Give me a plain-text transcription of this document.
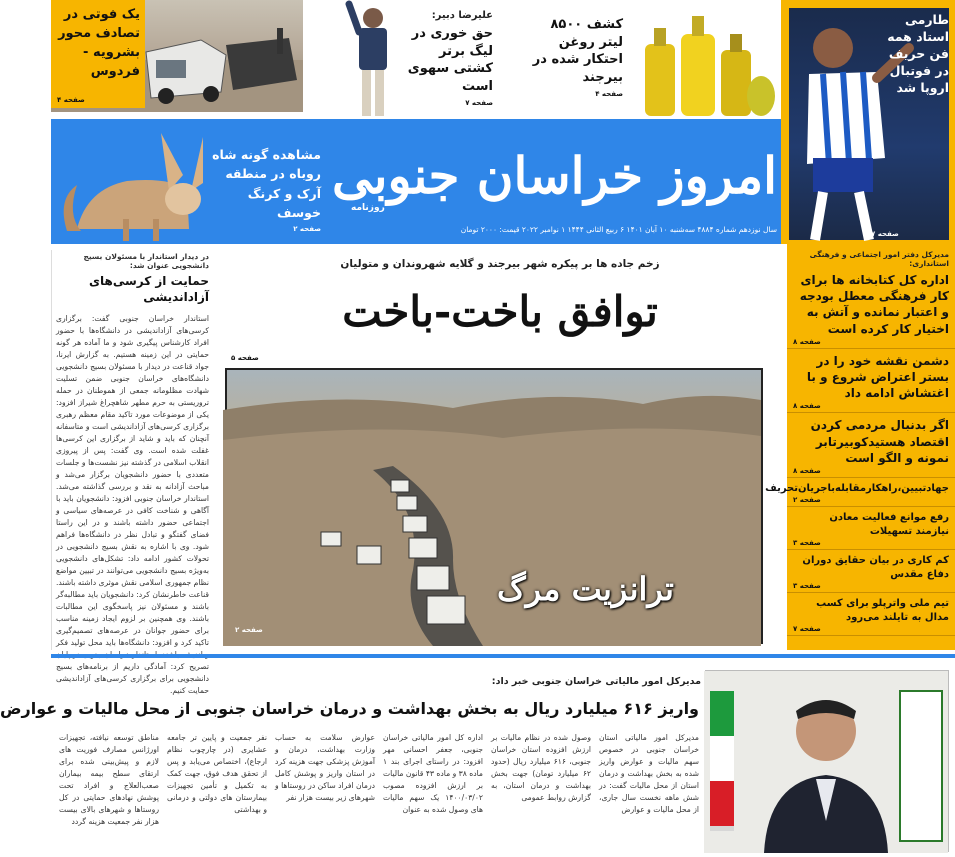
یک فوتی در تصادف محور بشرویه - فردوس
صفحه ۴
علیرضا دبیر:
حق خوری در لیگ برتر کشتی سهوی است
صفحه ۷
کشف ۸۵۰۰ لیتر روغن احتکار شده در بیرجند
صفحه ۴
طارمی استاد همه فن حریف در فوتبال اروپا شد
صفحه ۷
مشاهده گونه شاه روباه در منطقه آرک و کرنگ خوسف
صفحه ۲
امروز خراسان جنوبی
روزنامه
سال نوزدهم شماره ۴۸۸۴ سه‌شنبه ۱۰ آبان ۱۴۰۱ ۶ ربیع الثانی ۱۴۴۴ ۱ نوامبر ۲۰۲۲ قیمت: ۲۰۰۰ تومان
در دیدار استاندار با مسئولان بسیج دانشجویی عنوان شد:
حمایت از کرسی‌های آزاداندیشی
استاندار خراسان جنوبی گفت: برگزاری کرسی‌های آزاداندیشی در دانشگاه‌ها با حضور افراد کارشناس پیگیری شود و ما آماده هر گونه حمایتی در این زمینه هستیم. به گزارش ایرنا، جواد قناعت در دیدار با مسئولان بسیج دانشجویی دانشگاه‌های خراسان جنوبی ضمن تسلیت شهادت مظلومانه جمعی از هموطنان در حمله تروریستی به حرم مطهر شاهچراغ شیراز افزود: یکی از موضوعات مورد تاکید مقام معظم رهبری برگزاری کرسی‌های آزاداندیشی است و متاسفانه آنچنان که باید و شاید از برگزاری این کرسی‌ها غفلت شده است. وی گفت: پس از پیروزی انقلاب اسلامی در گذشته نیز نشست‌ها و جلسات متعددی با حضور دانشجویان برگزار می‌شد و مباحث آزادانه به نقد و بررسی گذاشته می‌شد. استاندار خراسان جنوبی افزود: دانشجویان باید با آگاهی و شناخت کافی در عرصه‌های سیاسی و اجتماعی حضور داشته باشند و در این راستا فضای گفتگو و تبادل نظر در دانشگاه‌ها فراهم شود. وی با اشاره به نقش بسیج دانشجویی در تحولات کشور ادامه داد: تشکل‌های دانشجویی به‌ویژه بسیج دانشجویی می‌توانند در تبیین مواضع نظام جمهوری اسلامی نقش موثری داشته باشند. قناعت خاطرنشان کرد: دانشجویان باید مطالبه‌گر باشند و مسئولان نیز پاسخگوی این مطالبات باشند. وی همچنین بر لزوم ایجاد زمینه مناسب برای حضور جوانان در عرصه‌های تصمیم‌گیری تاکید کرد و افزود: دانشگاه‌ها باید محل تولید فکر و اندیشه باشند. استاندار خراسان جنوبی در پایان تصریح کرد: آمادگی داریم از برنامه‌های بسیج دانشجویی برای برگزاری کرسی‌های آزاداندیشی حمایت کنیم.
زخم جاده ها بر پیکره شهر بیرجند و گلایه شهروندان و متولیان
توافق باخت-باخت
صفحه ۵
ترانزیت مرگ
صفحه ۲
مدیرکل دفتر امور اجتماعی و فرهنگی استانداری:
اداره کل کتابخانه ها برای کار فرهنگی معطل بودجه و اعتبار نمانده و آتش به اختیار کار کرده است
صفحه ۸
دشمن نقشه خود را در بستر اعتراض شروع و با اغتشاش ادامه داد
صفحه ۸
اگر بدنبال مردمی کردن اقتصاد هستیدکوبیرتابر نمونه و الگو است
صفحه ۸
جهادتبیین،راهکارمقابله‌باجریان‌تحریف
صفحه ۲
رفع موانع فعالیت معادن نیازمند تسهیلات
صفحه ۳
کم کاری در بیان حقایق دوران دفاع مقدس
صفحه ۳
تیم ملی واترپلو برای کسب مدال به تایلند می‌رود
صفحه ۷
مدیرکل امور مالیاتی خراسان جنوبی خبر داد:
واریز ۶۱۶ میلیارد ریال به بخش بهداشت و درمان خراسان جنوبی از محل مالیات و عوارض
مدیرکل امور مالیاتی استان خراسان جنوبی در خصوص سهم مالیات و عوارض واریز شده به بخش بهداشت و درمان استان از محل مالیات گفت: در شش ماهه نخست سال جاری، از محل مالیات و عوارض
وصول شده در نظام مالیات بر ارزش افزوده استان خراسان جنوبی، ۶۱۶ میلیارد ریال (حدود ۶۲ میلیارد تومان) جهت بخش بهداشت و درمان استان، به گزارش روابط عمومی
اداره کل امور مالیاتی خراسان جنوبی، جعفر احسانی مهر افزود: در راستای اجرای بند ۱ ماده ۳۸ و ماده ۴۳ قانون مالیات بر ارزش افزوده مصوب ۱۴۰۰/۰۳/۰۲ یک سهم مالیات های وصول شده به عنوان
عوارض سلامت به حساب وزارت بهداشت، درمان و آموزش پزشکی جهت هزینه کرد در استان واریز و پوشش کامل درمان افراد ساکن در روستاها و شهرهای زیر بیست هزار نفر
نفر جمعیت و پایین تر جامعه عشایری (در چارچوب نظام ارجاع)، اختصاص می‌یابد و پس از تحقق هدف فوق، جهت کمک به تکمیل و تأمین تجهیزات بیمارستان های دولتی و درمانی و بهداشتی
مناطق توسعه نیافته، تجهیزات اورژانس مصارف فوریت های لازم و پیش‌بینی شده برای ارتقای سطح بیمه بیماران صعب‌العلاج و افراد تحت پوشش نهادهای حمایتی در کل روستاها و شهرهای بالای بیست هزار نفر جمعیت هزینه گردد
